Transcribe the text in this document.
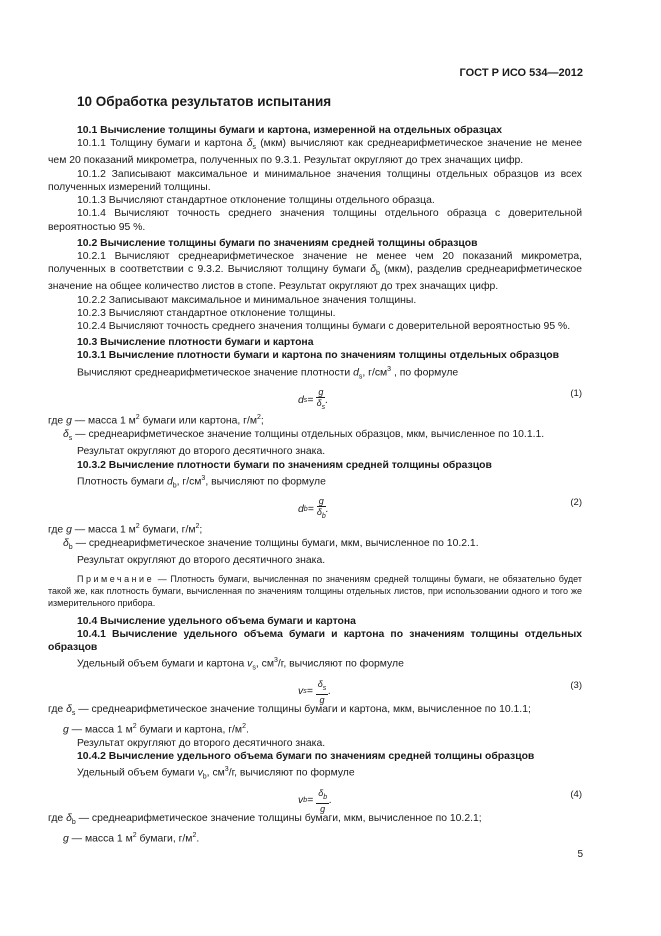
ГОСТ Р ИСО 534—2012
10 Обработка результатов испытания

10.1 Вычисление толщины бумаги и картона, измеренной на отдельных образцах

10.1.1 Толщину бумаги и картона $\delta_s$ (мкм) вычисляют как среднеарифметическое значение не менее чем 20 показаний микрометра, полученных по 9.3.1. Результат округляют до трех значащих цифр.

10.1.2 Записывают максимальное и минимальное значения толщины отдельных образцов из всех полученных измерений толщины.

10.1.3 Вычисляют стандартное отклонение толщины отдельного образца.

10.1.4 Вычисляют точность среднего значения толщины отдельного образца с доверительной вероятностью 95 %.

10.2 Вычисление толщины бумаги по значениям средней толщины образцов

10.2.1 Вычисляют среднеарифметическое значение не менее чем 20 показаний микрометра, полученных в соответствии с 9.3.2. Вычисляют толщину бумаги $\delta_b$ (мкм), разделив среднеарифметическое значение на общее количество листов в стопе. Результат округляют до трех значащих цифр.

10.2.2 Записывают максимальное и минимальное значения толщины.

10.2.3 Вычисляют стандартное отклонение толщины.

10.2.4 Вычисляют точность среднего значения толщины бумаги с доверительной вероятностью 95 %.

10.3 Вычисление плотности бумаги и картона

10.3.1 Вычисление плотности бумаги и картона по значениям толщины отдельных образцов

Вычисляют среднеарифметическое значение плотности $d_s$, $г/см^3$ , по формуле

d $s = \frac{g}{\delta_s}$ .
(1)

где g — масса 1 $м^2$ бумаги или картона, $г/м^2$;

$\delta_s$ — среднеарифметическое значение толщины отдельных образцов, мкм, вычисленное по 10.1.1.

Результат округляют до второго десятичного знака.

10.3.2 Вычисление плотности бумаги по значениям средней толщины образцов

Плотность бумаги $d_b$, $г/см^3$, вычисляют по формуле

d $b = \frac{g}{\delta_b}$ .
(2)

где g — масса 1 $м^2$ бумаги, $г/м^2$;

$\delta_b$ — среднеарифметическое значение толщины бумаги, мкм, вычисленное по 10.2.1.

Результат округляют до второго десятичного знака.

Примечание — Плотность бумаги, вычисленная по значениям средней толщины бумаги, не обязательно будет такой же, как плотность бумаги, вычисленная по значениям толщины отдельных листов, при использовании одного и того же измерительного прибора.

10.4 Вычисление удельного объема бумаги и картона

10.4.1 Вычисление удельного объема бумаги и картона по значениям толщины отдельных образцов

Удельный объем бумаги и картона $v_s$, $см^3/г$, вычисляют по формуле

v $s = \frac{\delta_s}{g}$ .
(3)

где $\delta_s$ — среднеарифметическое значение толщины бумаги и картона, мкм, вычисленное по 10.1.1;

g — масса 1 $м^2$ бумаги и картона, $г/м^2$.

Результат округляют до второго десятичного знака.

10.4.2 Вычисление удельного объема бумаги по значениям средней толщины образцов

Удельный объем бумаги $v_b$, $см^3/г$, вычисляют по формуле

v $b = \frac{\delta_b}{g}$ .
(4)

где $\delta_b$ — среднеарифметическое значение толщины бумаги, мкм, вычисленное по 10.2.1;

g — масса 1 $м^2$ бумаги, $г/м^2$.

5
